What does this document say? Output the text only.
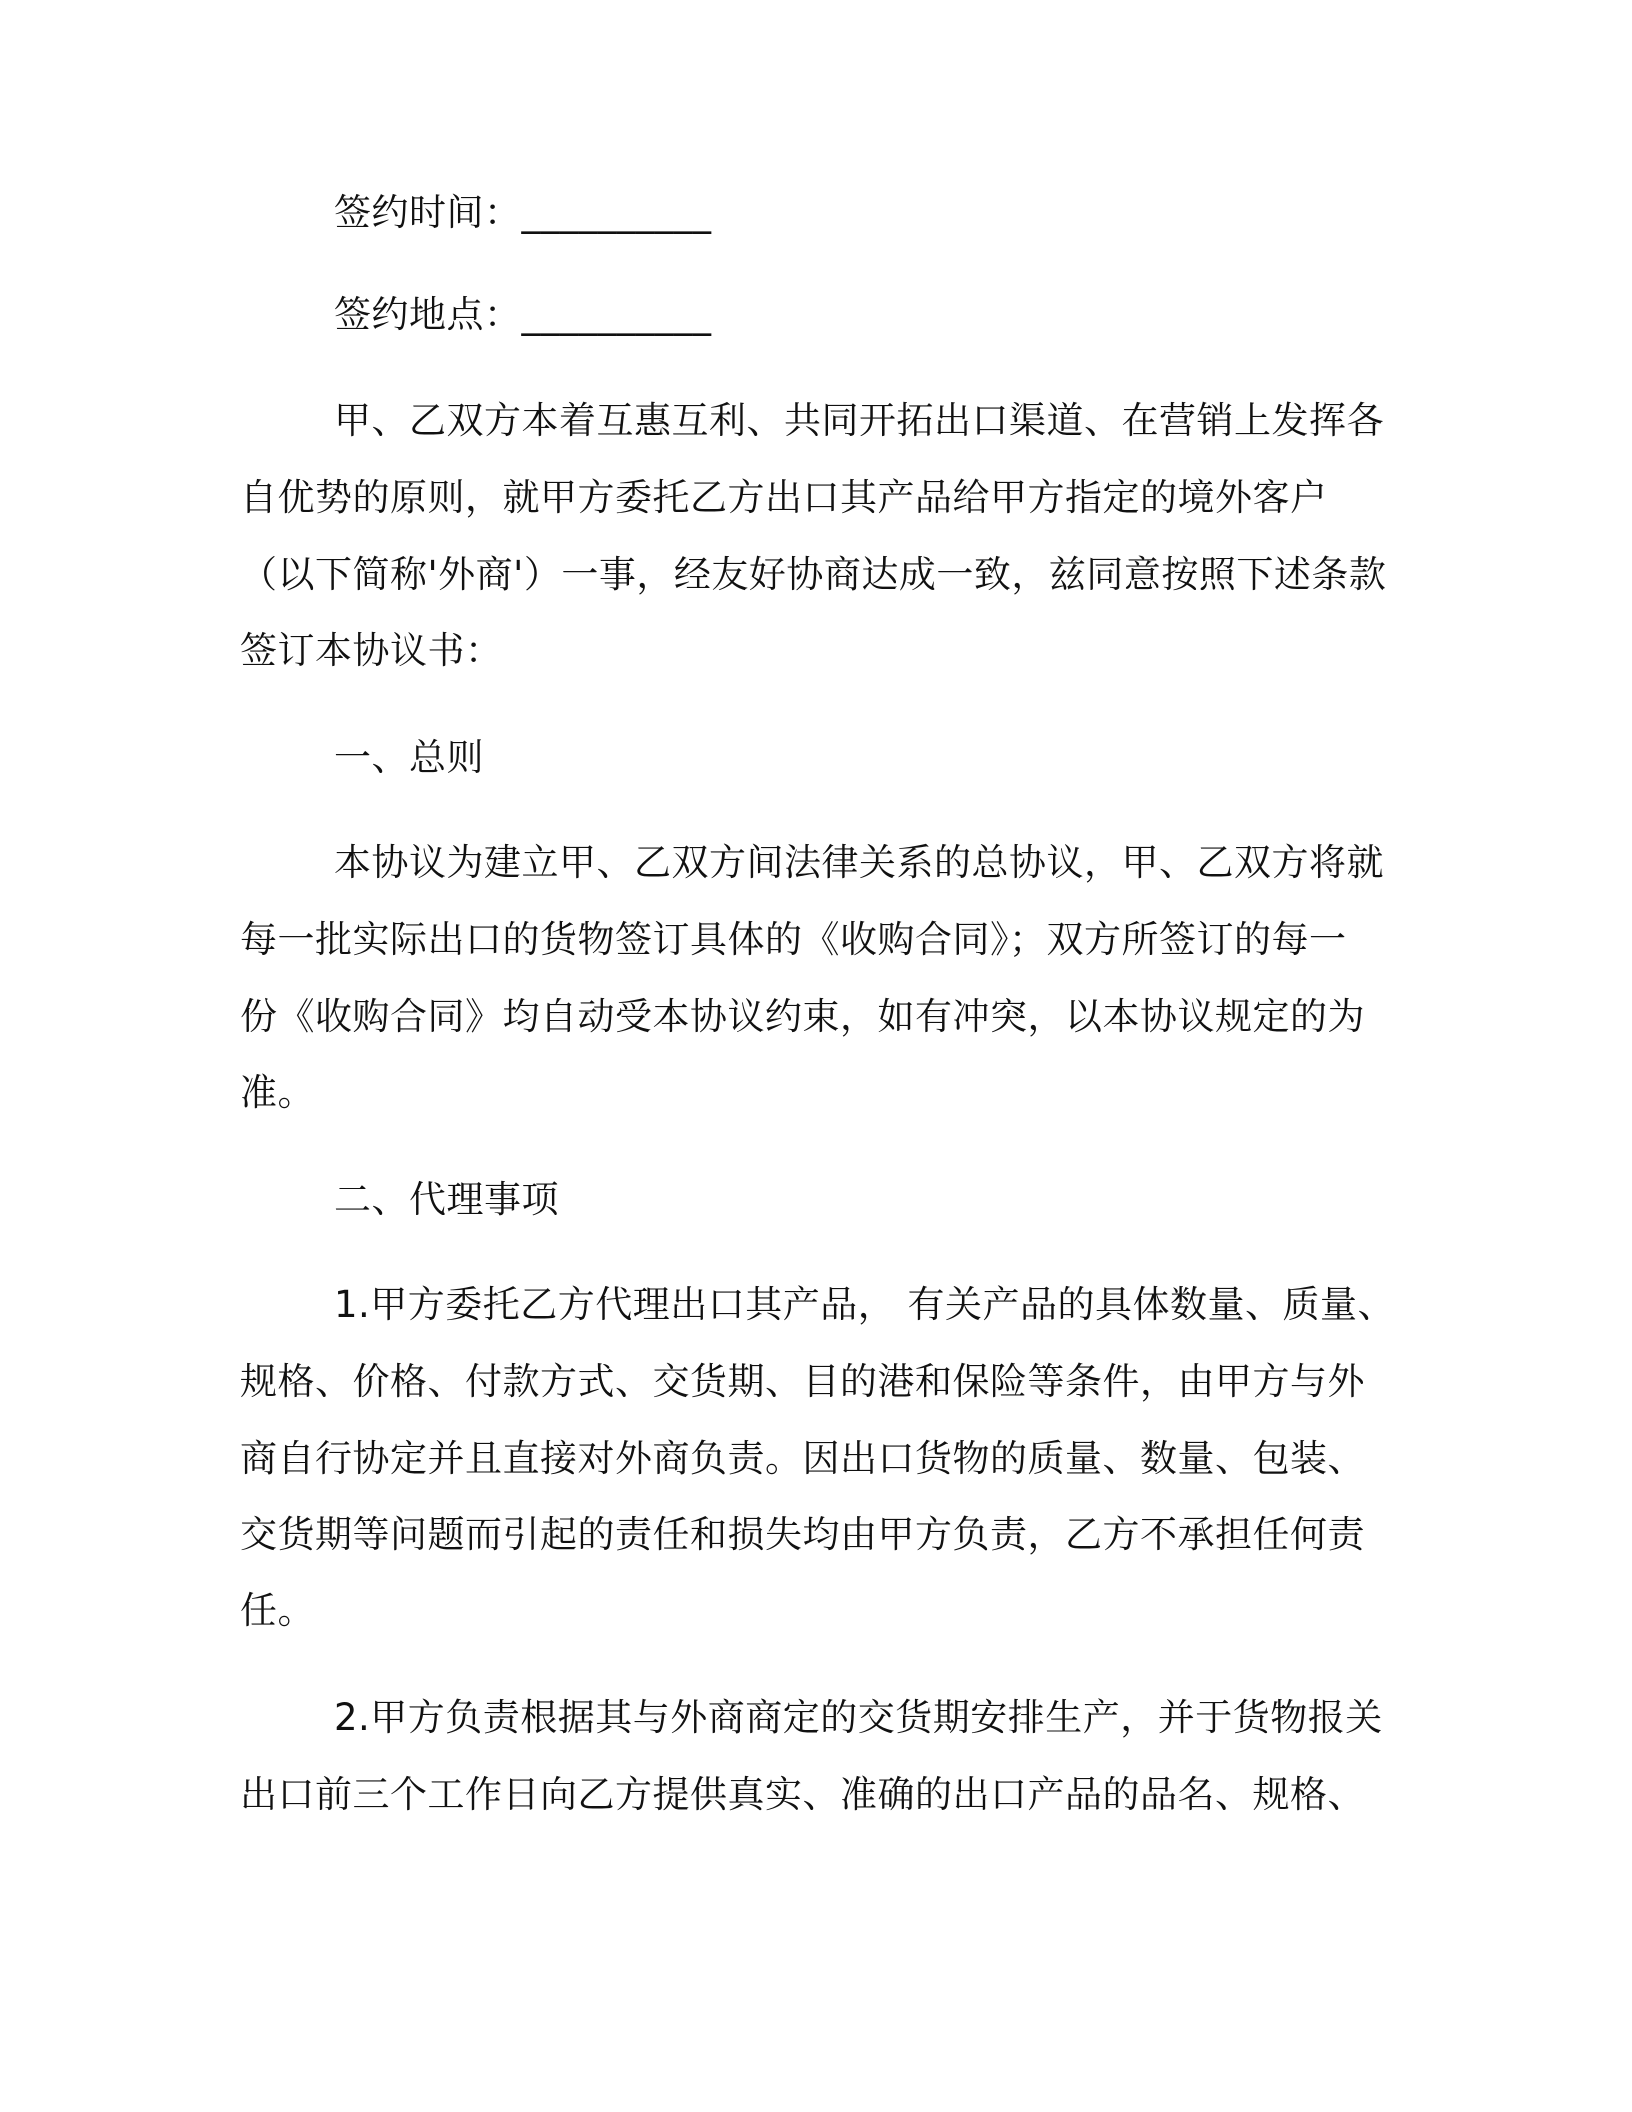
签约时间：__________
签约地点：__________
甲、乙双方本着互惠互利、共同开拓出口渠道、在营销上发挥各
自优势的原则，就甲方委托乙方出口其产品给甲方指定的境外客户
（以下简称'外商'）一事，经友好协商达成一致，兹同意按照下述条款
签订本协议书：
一、总则
本协议为建立甲、乙双方间法律关系的总协议，甲、乙双方将就
每一批实际出口的货物签订具体的《收购合同》；双方所签订的每一
份《收购合同》均自动受本协议约束，如有冲突，以本协议规定的为
准。
二、代理事项
1.甲方委托乙方代理出口其产品， 有关产品的具体数量、质量、
规格、价格、付款方式、交货期、目的港和保险等条件，由甲方与外
商自行协定并且直接对外商负责。因出口货物的质量、数量、包装、
交货期等问题而引起的责任和损失均由甲方负责，乙方不承担任何责
任。
2.甲方负责根据其与外商商定的交货期安排生产，并于货物报关
出口前三个工作日向乙方提供真实、准确的出口产品的品名、规格、
